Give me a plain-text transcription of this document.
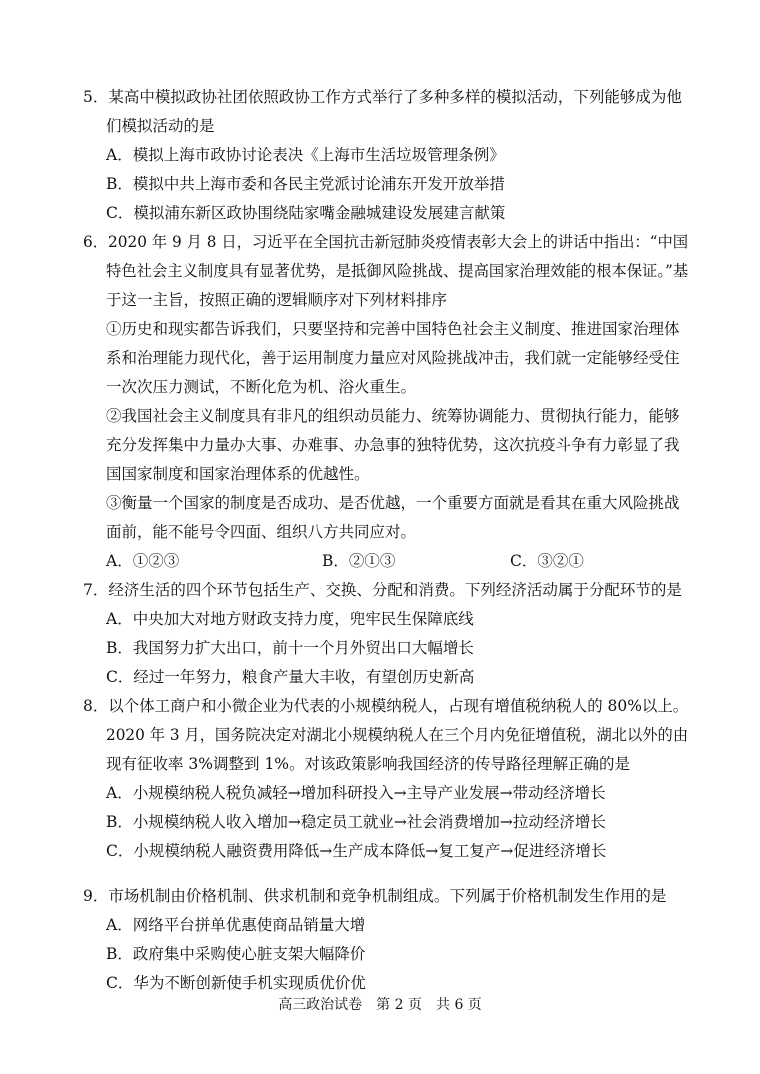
5．某高中模拟政协社团依照政协工作方式举行了多种多样的模拟活动，下列能够成为他
们模拟活动的是
A．模拟上海市政协讨论表决《上海市生活垃圾管理条例》
B．模拟中共上海市委和各民主党派讨论浦东开发开放举措
C．模拟浦东新区政协围绕陆家嘴金融城建设发展建言献策
6．2020 年 9 月 8 日，习近平在全国抗击新冠肺炎疫情表彰大会上的讲话中指出：“中国
特色社会主义制度具有显著优势，是抵御风险挑战、提高国家治理效能的根本保证。”基
于这一主旨，按照正确的逻辑顺序对下列材料排序
①历史和现实都告诉我们，只要坚持和完善中国特色社会主义制度、推进国家治理体
系和治理能力现代化，善于运用制度力量应对风险挑战冲击，我们就一定能够经受住
一次次压力测试，不断化危为机、浴火重生。
②我国社会主义制度具有非凡的组织动员能力、统筹协调能力、贯彻执行能力，能够
充分发挥集中力量办大事、办难事、办急事的独特优势，这次抗疫斗争有力彰显了我
国国家制度和国家治理体系的优越性。
③衡量一个国家的制度是否成功、是否优越，一个重要方面就是看其在重大风险挑战
面前，能不能号令四面、组织八方共同应对。
A．①②③	B．②①③	C．③②①
7．经济生活的四个环节包括生产、交换、分配和消费。下列经济活动属于分配环节的是
A．中央加大对地方财政支持力度，兜牢民生保障底线
B．我国努力扩大出口，前十一个月外贸出口大幅增长
C．经过一年努力，粮食产量大丰收，有望创历史新高
8．以个体工商户和小微企业为代表的小规模纳税人，占现有增值税纳税人的 80%以上。
2020 年 3 月，国务院决定对湖北小规模纳税人在三个月内免征增值税，湖北以外的由
现有征收率 3%调整到 1%。对该政策影响我国经济的传导路径理解正确的是
A．小规模纳税人税负减轻→增加科研投入→主导产业发展→带动经济增长
B．小规模纳税人收入增加→稳定员工就业→社会消费增加→拉动经济增长
C．小规模纳税人融资费用降低→生产成本降低→复工复产→促进经济增长
9．市场机制由价格机制、供求机制和竞争机制组成。下列属于价格机制发生作用的是
A．网络平台拼单优惠使商品销量大增
B．政府集中采购使心脏支架大幅降价
C．华为不断创新使手机实现质优价优
高三政治试卷　第 2 页　共 6 页
